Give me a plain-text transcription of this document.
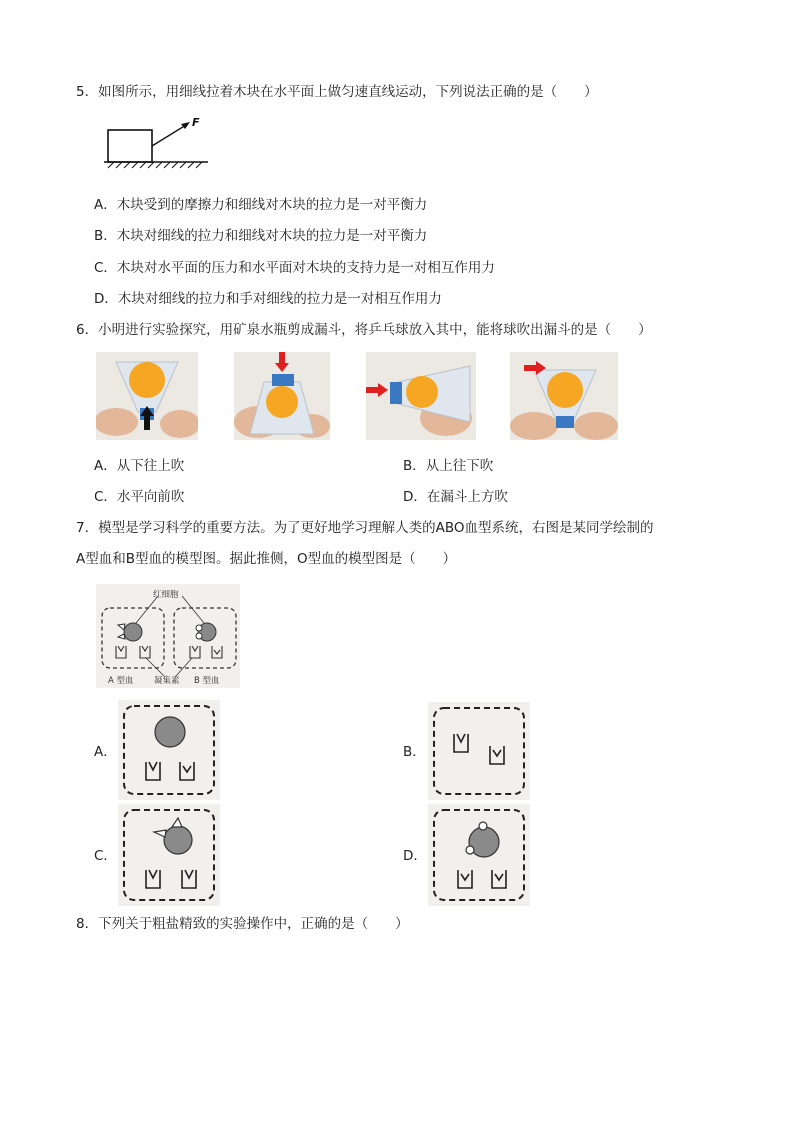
5．如图所示，用细线拉着木块在水平面上做匀速直线运动，下列说法正确的是（　　）
F
A．木块受到的摩擦力和细线对木块的拉力是一对平衡力
B．木块对细线的拉力和细线对木块的拉力是一对平衡力
C．木块对水平面的压力和水平面对木块的支持力是一对相互作用力
D．木块对细线的拉力和手对细线的拉力是一对相互作用力
6．小明进行实验探究，用矿泉水瓶剪成漏斗，将乒乓球放入其中，能将球吹出漏斗的是（　　）
A．从下往上吹	B．从上往下吹
C．水平向前吹	D．在漏斗上方吹
7．模型是学习科学的重要方法。为了更好地学习理解人类的ABO血型系统，右图是某同学绘制的
A型血和B型血的模型图。据此推侧，O型血的模型图是（　　）
红细胞
凝集素
A 型血	B 型血
A．	B．
C．	D．
8．下列关于粗盐精致的实验操作中，正确的是（　　）
